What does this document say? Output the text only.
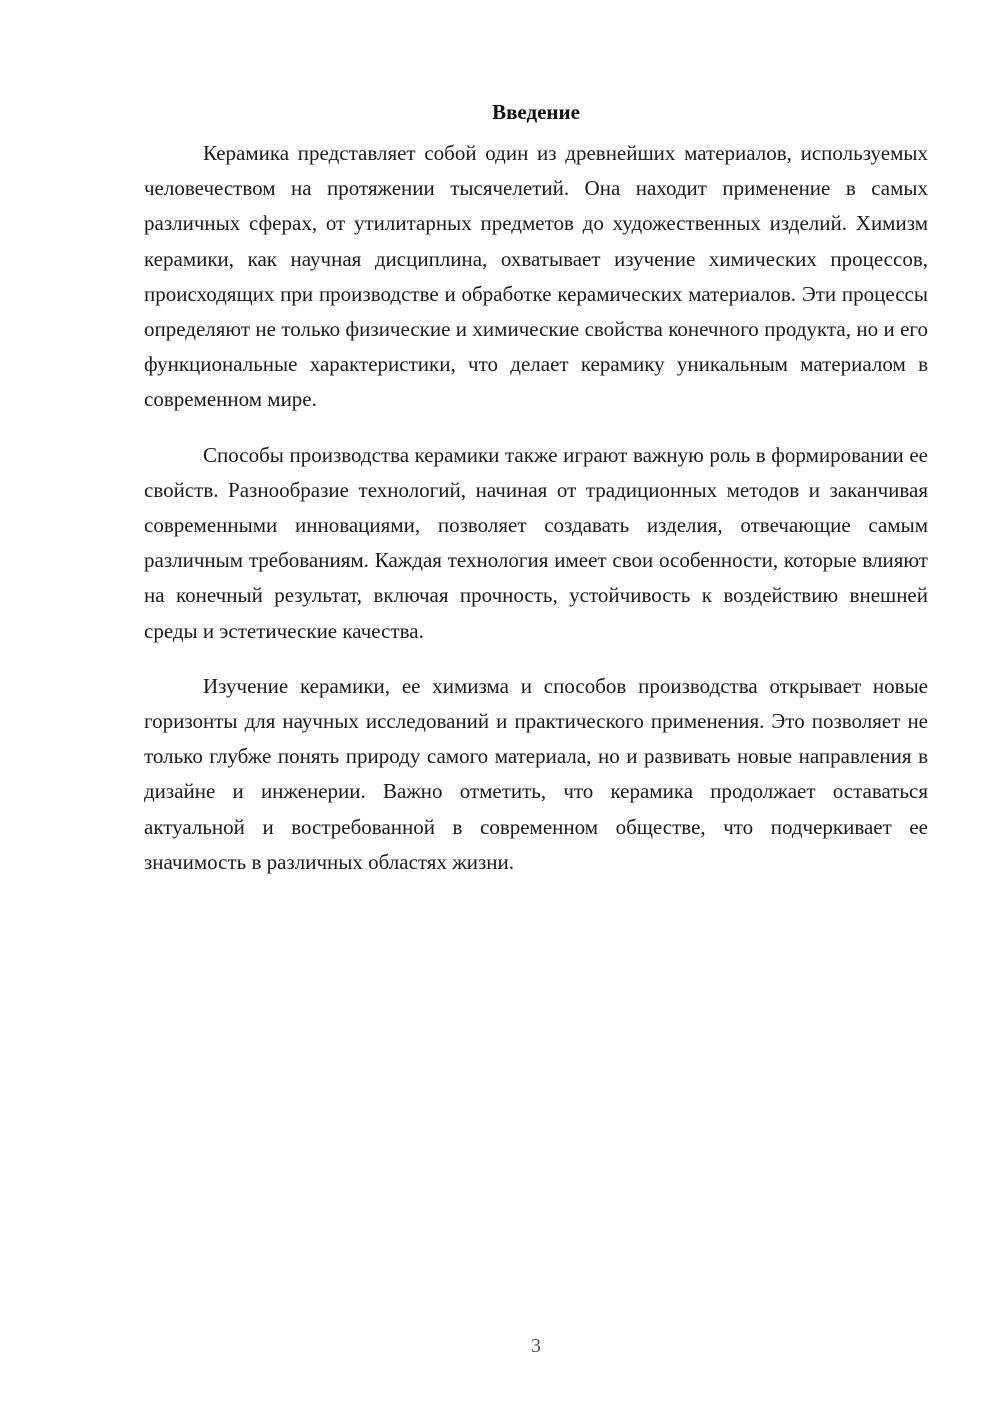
Введение

Керамика представляет собой один из древнейших материалов, используемых человечеством на протяжении тысячелетий. Она находит применение в самых различных сферах, от утилитарных предметов до художественных изделий. Химизм керамики, как научная дисциплина, охватывает изучение химических процессов, происходящих при производстве и обработке керамических материалов. Эти процессы определяют не только физические и химические свойства конечного продукта, но и его функциональные характеристики, что делает керамику уникальным материалом в современном мире.

Способы производства керамики также играют важную роль в формировании ее свойств. Разнообразие технологий, начиная от традиционных методов и заканчивая современными инновациями, позволяет создавать изделия, отвечающие самым различным требованиям. Каждая технология имеет свои особенности, которые влияют на конечный результат, включая прочность, устойчивость к воздействию внешней среды и эстетические качества.

Изучение керамики, ее химизма и способов производства открывает новые горизонты для научных исследований и практического применения. Это позволяет не только глубже понять природу самого материала, но и развивать новые направления в дизайне и инженерии. Важно отметить, что керамика продолжает оставаться актуальной и востребованной в современном обществе, что подчеркивает ее значимость в различных областях жизни.

3
